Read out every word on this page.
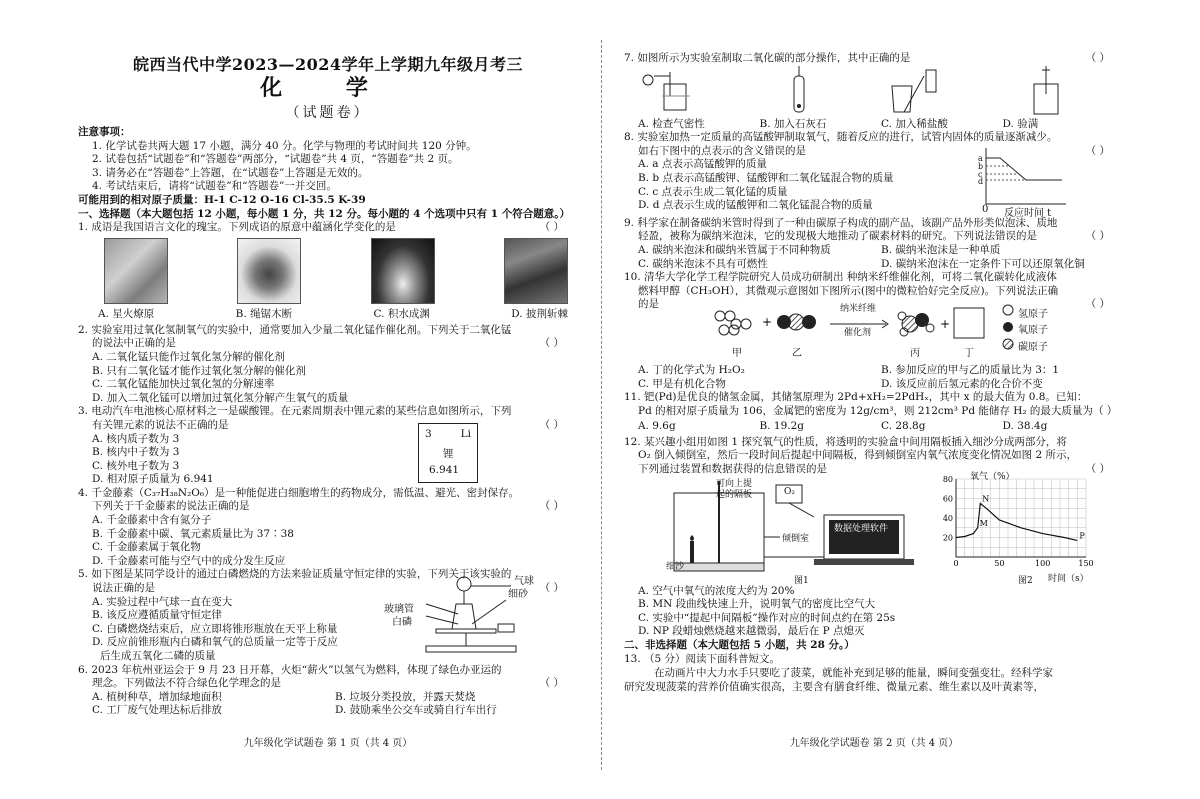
皖西当代中学2023—2024学年上学期九年级月考三
化 学
（试题卷）
注意事项：
1. 化学试卷共两大题 17 小题，满分 40 分。化学与物理的考试时间共 120 分钟。
2. 试卷包括“试题卷”和“答题卷”两部分，“试题卷”共 4 页，“答题卷”共 2 页。
3. 请务必在“答题卷”上答题，在“试题卷”上答题是无效的。
4. 考试结束后，请将“试题卷”和“答题卷”一并交回。
可能用到的相对原子质量：H-1 C-12 O-16 Cl-35.5 K-39
一、选择题（本大题包括 12 小题，每小题 1 分，共 12 分。每小题的 4 个选项中只有 1 个符合题意。）
1. 成语是我国语言文化的瑰宝。下列成语的原意中蕴涵化学变化的是	（ ）
A. 星火燎原	B. 绳锯木断	C. 积水成渊	D. 披荆斩棘
2. 实验室用过氧化氢制氧气的实验中，通常要加入少量二氧化锰作催化剂。下列关于二氧化锰
的说法中正确的是	（ ）
A. 二氧化锰只能作过氧化氢分解的催化剂
B. 只有二氧化锰才能作过氧化氢分解的催化剂
C. 二氧化锰能加快过氧化氢的分解速率
D. 加入二氧化锰可以增加过氧化氢分解产生氧气的质量
3. 电动汽车电池核心原材料之一是碳酸锂。在元素周期表中锂元素的某些信息如图所示，下列
有关锂元素的说法不正确的是	（ ）
A. 核内质子数为 3
B. 核内中子数为 3
C. 核外电子数为 3
D. 相对原子质量为 6.941
3	Li
锂
6.941
4. 千金藤素（C₃₇H₃₈N₂O₆）是一种能促进白细胞增生的药物成分，需低温、避光、密封保存。
下列关于千金藤素的说法正确的是	（ ）
A. 千金藤素中含有氮分子
B. 千金藤素中碳、氧元素质量比为 37∶38
C. 千金藤素属于氧化物
D. 千金藤素可能与空气中的成分发生反应
5. 如下图是某同学设计的通过白磷燃烧的方法来验证质量守恒定律的实验，下列关于该实验的
说法正确的是	（ ）
A. 实验过程中气球一直在变大
B. 该反应遵循质量守恒定律
C. 白磷燃烧结束后，应立即将锥形瓶放在天平上称量
D. 反应前锥形瓶内白磷和氧气的总质量一定等于反应
后生成五氧化二磷的质量
气球
细砂
玻璃管
白磷
6. 2023 年杭州亚运会于 9 月 23 日开幕，火炬“薪火”以氢气为燃料，体现了绿色办亚运的
理念。下列做法不符合绿色化学理念的是	（ ）
A. 植树种草，增加绿地面积	B. 垃圾分类投放，并露天焚烧
C. 工厂废气处理达标后排放	D. 鼓励乘坐公交车或骑自行车出行
九年级化学试题卷 第 1 页（共 4 页）
7. 如图所示为实验室制取二氧化碳的部分操作，其中正确的是	（ ）
A. 检查气密性	B. 加入石灰石	C. 加入稀盐酸	D. 验满
8. 实验室加热一定质量的高锰酸钾制取氧气，随着反应的进行，试管内固体的质量逐渐减少。
如右下图中的点表示的含义错误的是	（ ）
A. a 点表示高锰酸钾的质量
B. b 点表示高锰酸钾、锰酸钾和二氧化锰混合物的质量
C. c 点表示生成二氧化锰的质量
D. d 点表示生成的锰酸钾和二氧化锰混合物的质量
a
b
c
d
0 反应时间 t
9. 科学家在制备碳纳米管时得到了一种由碳原子构成的副产品，该副产品外形类似泡沫、质地
轻盈，被称为碳纳米泡沫，它的发现极大地推动了碳素材料的研究。下列说法错误的是	（ ）
A. 碳纳米泡沫和碳纳米管属于不同种物质	B. 碳纳米泡沫是一种单质
C. 碳纳米泡沫不具有可燃性	D. 碳纳米泡沫在一定条件下可以还原氧化铜
10. 清华大学化学工程学院研究人员成功研制出 种纳米纤维催化剂，可将二氧化碳转化成液体
燃料甲醇（CH₃OH），其微观示意图如下图所示(图中的微粒恰好完全反应)。下列说法正确
的是	（ ）
+	+
纳米纤维
催化剂
甲	乙	丙	丁
氢原子
氧原子
碳原子
A. 丁的化学式为 H₂O₂	B. 参加反应的甲与乙的质量比为 3：1
C. 甲是有机化合物	D. 该反应前后氢元素的化合价不变
11. 钯(Pd)是优良的储氢金属，其储氢原理为 2Pd+xH₂=2PdHₓ，其中 x 的最大值为 0.8。已知：
Pd 的相对原子质量为 106，金属钯的密度为 12g/cm³，则 212cm³ Pd 能储存 H₂ 的最大质量为 （ ）
A. 9.6g	B. 19.2g	C. 28.8g	D. 38.4g
12. 某兴趣小组用如图 1 探究氧气的性质，将透明的实验盒中间用隔板插入细沙分成两部分，将
O₂ 倒入倾倒室，然后一段时间后提起中间隔板，得到倾倒室内氧气浓度变化情况如图 2 所示，
下列通过装置和数据获得的信息错误的是	（ ）
可向上提
起的隔板	O₂
倾倒室
数据处理软件
细沙
图1
0	50	100	150
20
40
60
80
M
N
P
氧气（%）
时间（s）
图2
A. 空气中氧气的浓度大约为 20%
B. MN 段曲线快速上升，说明氧气的密度比空气大
C. 实验中“提起中间隔板”操作对应的时间点约在第 25s
D. NP 段蜡烛燃烧越来越微弱，最后在 P 点熄灭
二、非选择题（本大题包括 5 小题，共 28 分。）
13. （5 分）阅读下面科普短文。
在动画片中大力水手只要吃了菠菜，就能补充到足够的能量，瞬间变强变壮。经科学家
研究发现菠菜的营养价值确实很高，主要含有膳食纤维、微量元素、维生素以及叶黄素等，
九年级化学试题卷 第 2 页（共 4 页）
